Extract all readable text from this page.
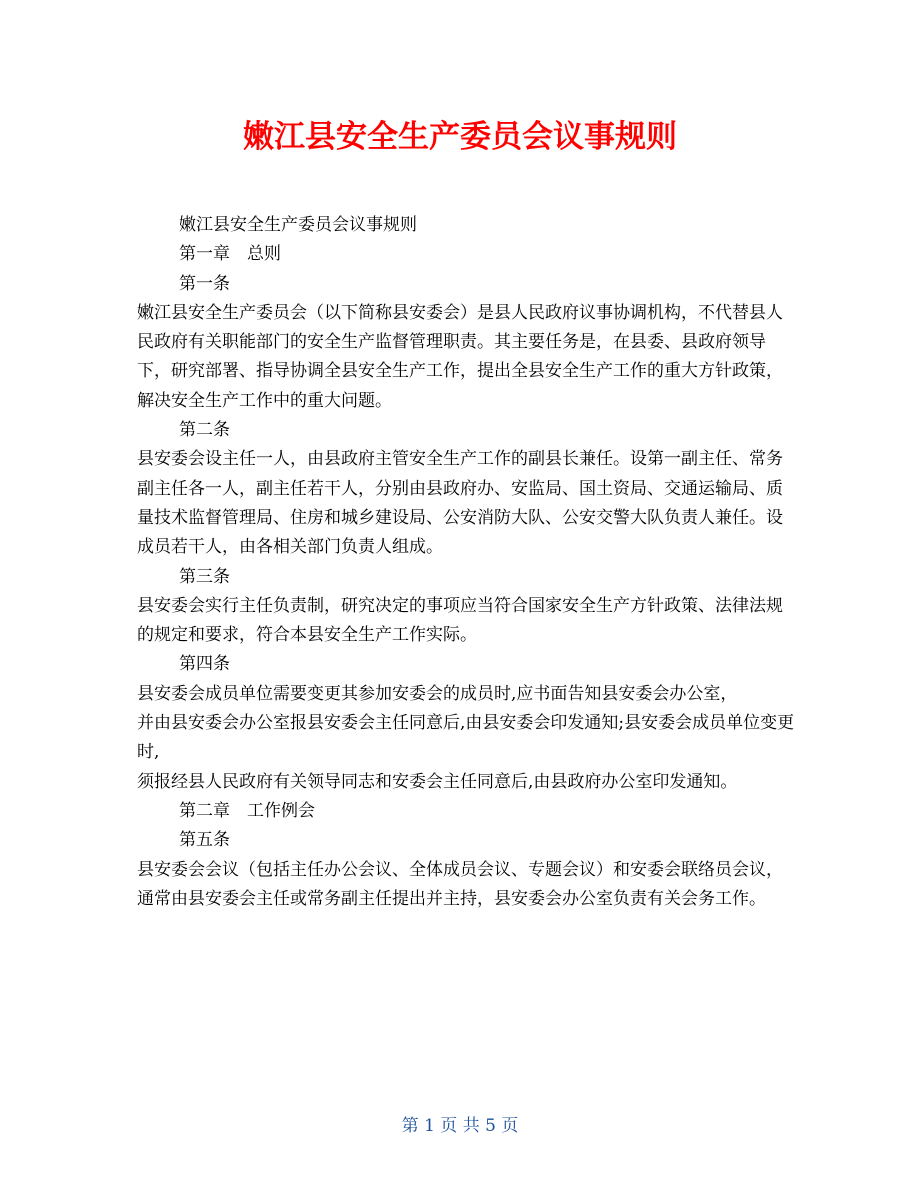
嫩江县安全生产委员会议事规则

嫩江县安全生产委员会议事规则

第一章　总则

第一条

嫩江县安全生产委员会（以下简称县安委会）是县人民政府议事协调机构，不代替县人民政府有关职能部门的安全生产监督管理职责。其主要任务是，在县委、县政府领导下，研究部署、指导协调全县安全生产工作，提出全县安全生产工作的重大方针政策，解决安全生产工作中的重大问题。

第二条

县安委会设主任一人，由县政府主管安全生产工作的副县长兼任。设第一副主任、常务副主任各一人，副主任若干人，分别由县政府办、安监局、国土资局、交通运输局、质量技术监督管理局、住房和城乡建设局、公安消防大队、公安交警大队负责人兼任。设成员若干人，由各相关部门负责人组成。

第三条

县安委会实行主任负责制，研究决定的事项应当符合国家安全生产方针政策、法律法规的规定和要求，符合本县安全生产工作实际。

第四条

县安委会成员单位需要变更其参加安委会的成员时,应书面告知县安委会办公室，

并由县安委会办公室报县安委会主任同意后,由县安委会印发通知;县安委会成员单位变更时,

须报经县人民政府有关领导同志和安委会主任同意后,由县政府办公室印发通知。

第二章　工作例会

第五条

县安委会会议（包括主任办公会议、全体成员会议、专题会议）和安委会联络员会议，通常由县安委会主任或常务副主任提出并主持，县安委会办公室负责有关会务工作。

第 1 页 共 5 页
